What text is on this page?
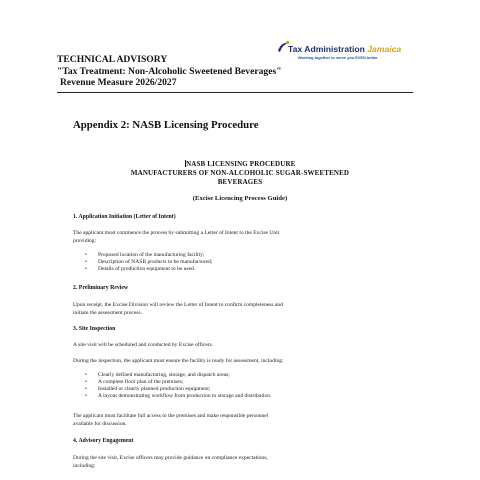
TECHNICAL ADVISORY
"Tax Treatment: Non-Alcoholic Sweetened Beverages"
Revenue Measure 2026/2027
Tax Administration Jamaica
Working together to serve you EVEN better
Appendix 2: NASB Licensing Procedure
NASB LICENSING PROCEDURE
MANUFACTURERS OF NON-ALCOHOLIC SUGAR-SWEETENED
BEVERAGES
(Excise Licencing Process Guide)
1. Application Initiation (Letter of Intent)
The applicant must commence the process by submitting a Letter of Intent to the Excise Unit
providing:
• Proposed location of the manufacturing facility;
• Description of NASB products to be manufactured;
• Details of production equipment to be used.
2. Preliminary Review
Upon receipt, the Excise Division will review the Letter of Intent to confirm completeness and
initiate the assessment process.
3. Site Inspection
A site visit will be scheduled and conducted by Excise officers.
During the inspection, the applicant must ensure the facility is ready for assessment, including:
• Clearly defined manufacturing, storage, and dispatch areas;
• A complete floor plan of the premises;
• Installed or clearly planned production equipment;
• A layout demonstrating workflow from production to storage and distribution.
The applicant must facilitate full access to the premises and make responsible personnel
available for discussion.
4. Advisory Engagement
During the site visit, Excise officers may provide guidance on compliance expectations,
including:
